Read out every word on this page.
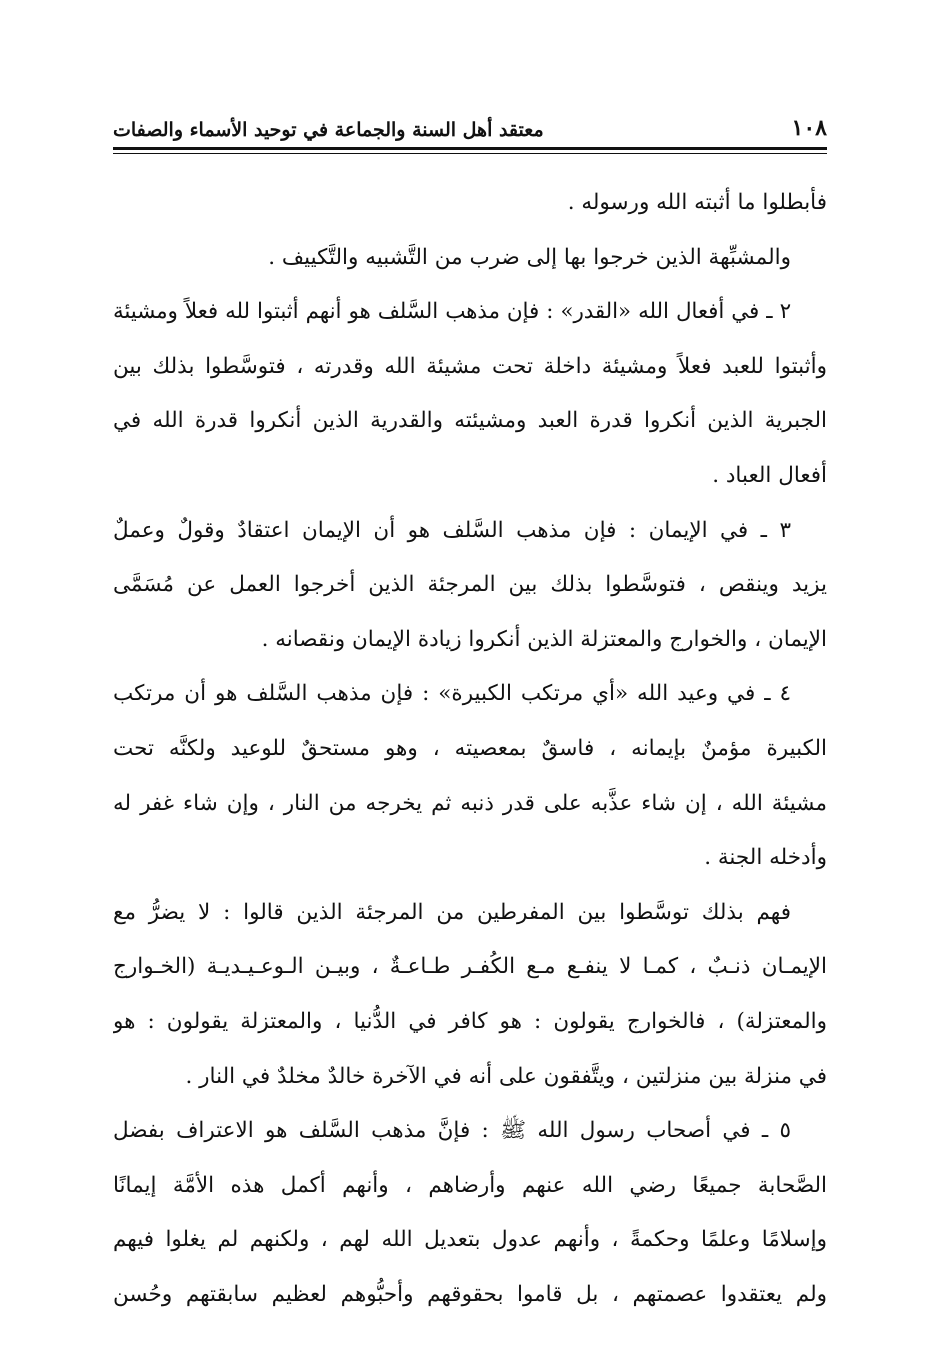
١٠٨
معتقد أهل السنة والجماعة في توحيد الأسماء والصفات
فأبطلوا ما أثبته الله ورسوله .
والمشبِّهة الذين خرجوا بها إلى ضرب من التَّشبيه والتَّكييف .
٢ ـ في أفعال الله «القدر» : فإن مذهب السَّلف هو أنهم أثبتوا لله فعلاً ومشيئة
وأثبتوا للعبد فعلاً ومشيئة داخلة تحت مشيئة الله وقدرته ، فتوسَّطوا بذلك بين
الجبرية الذين أنكروا قدرة العبد ومشيئته والقدرية الذين أنكروا قدرة الله في
أفعال العباد .
٣ ـ في الإيمان : فإن مذهب السَّلف هو أن الإيمان اعتقادٌ وقولٌ وعملٌ
يزيد وينقص ، فتوسَّطوا بذلك بين المرجئة الذين أخرجوا العمل عن مُسَمَّى
الإيمان ، والخوارج والمعتزلة الذين أنكروا زيادة الإيمان ونقصانه .
٤ ـ في وعيد الله «أي مرتكب الكبيرة» : فإن مذهب السَّلف هو أن مرتكب
الكبيرة مؤمنٌ بإيمانه ، فاسقٌ بمعصيته ، وهو مستحقٌ للوعيد ولكنَّه تحت
مشيئة الله ، إن شاء عذَّبه على قدر ذنبه ثم يخرجه من النار ، وإن شاء غفر له
وأدخله الجنة .
فهم بذلك توسَّطوا بين المفرطين من المرجئة الذين قالوا : لا يضرُّ مع
الإيمـان ذنـبٌ ، كمـا لا ينفـع مـع الكُفـر طـاعـةٌ ، وبيـن الـوعـيـديـة (الخـوارج
والمعتزلة) ، فالخوارج يقولون : هو كافر في الدُّنيا ، والمعتزلة يقولون : هو
في منزلة بين منزلتين ، ويتَّفقون على أنه في الآخرة خالدٌ مخلدٌ في النار .
٥ ـ في أصحاب رسول الله ﷺ : فإنَّ مذهب السَّلف هو الاعتراف بفضل
الصَّحابة جميعًا رضي الله عنهم وأرضاهم ، وأنهم أكمل هذه الأمَّة إيمانًا
وإسلامًا وعلمًا وحكمةً ، وأنهم عدول بتعديل الله لهم ، ولكنهم لم يغلوا فيهم
ولم يعتقدوا عصمتهم ، بل قاموا بحقوقهم وأحبُّوهم لعظيم سابقتهم وحُسن
